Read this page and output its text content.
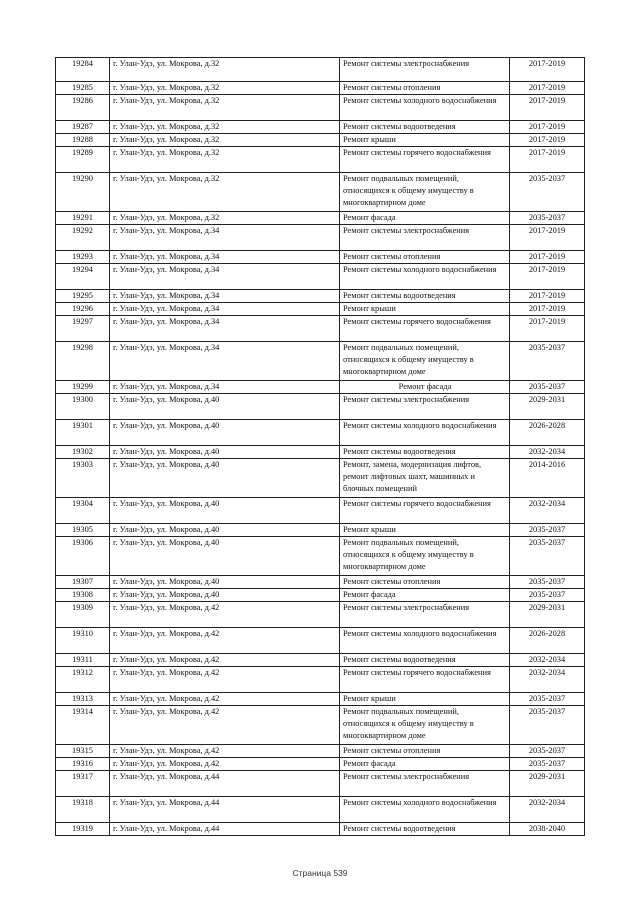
19284	г. Улан-Удэ, ул. Мокрова, д.32	Ремонт системы электроснабжения	2017-2019
19285	г. Улан-Удэ, ул. Мокрова, д.32	Ремонт системы отопления	2017-2019
19286	г. Улан-Удэ, ул. Мокрова, д.32	Ремонт системы холодного водоснабжения	2017-2019
19287	г. Улан-Удэ, ул. Мокрова, д.32	Ремонт системы водоотведения	2017-2019
19288	г. Улан-Удэ, ул. Мокрова, д.32	Ремонт крыши	2017-2019
19289	г. Улан-Удэ, ул. Мокрова, д.32	Ремонт системы горячего водоснабжения	2017-2019
19290	г. Улан-Удэ, ул. Мокрова, д.32	Ремонт подвальных помещений, относящихся к общему имуществу в многоквартирном доме	2035-2037
19291	г. Улан-Удэ, ул. Мокрова, д.32	Ремонт фасада	2035-2037
19292	г. Улан-Удэ, ул. Мокрова, д.34	Ремонт системы электроснабжения	2017-2019
19293	г. Улан-Удэ, ул. Мокрова, д.34	Ремонт системы отопления	2017-2019
19294	г. Улан-Удэ, ул. Мокрова, д.34	Ремонт системы холодного водоснабжения	2017-2019
19295	г. Улан-Удэ, ул. Мокрова, д.34	Ремонт системы водоотведения	2017-2019
19296	г. Улан-Удэ, ул. Мокрова, д.34	Ремонт крыши	2017-2019
19297	г. Улан-Удэ, ул. Мокрова, д.34	Ремонт системы горячего водоснабжения	2017-2019
19298	г. Улан-Удэ, ул. Мокрова, д.34	Ремонт подвальных помещений, относящихся к общему имуществу в многоквартирном доме	2035-2037
19299	г. Улан-Удэ, ул. Мокрова, д.34	Ремонт фасада	2035-2037
19300	г. Улан-Удэ, ул. Мокрова, д.40	Ремонт системы электроснабжения	2029-2031
19301	г. Улан-Удэ, ул. Мокрова, д.40	Ремонт системы холодного водоснабжения	2026-2028
19302	г. Улан-Удэ, ул. Мокрова, д.40	Ремонт системы водоотведения	2032-2034
19303	г. Улан-Удэ, ул. Мокрова, д.40	Ремонт, замена, модернизация лифтов, ремонт лифтовых шахт, машинных и блочных помещений	2014-2016
19304	г. Улан-Удэ, ул. Мокрова, д.40	Ремонт системы горячего водоснабжения	2032-2034
19305	г. Улан-Удэ, ул. Мокрова, д.40	Ремонт крыши	2035-2037
19306	г. Улан-Удэ, ул. Мокрова, д.40	Ремонт подвальных помещений, относящихся к общему имуществу в многоквартирном доме	2035-2037
19307	г. Улан-Удэ, ул. Мокрова, д.40	Ремонт системы отопления	2035-2037
19308	г. Улан-Удэ, ул. Мокрова, д.40	Ремонт фасада	2035-2037
19309	г. Улан-Удэ, ул. Мокрова, д.42	Ремонт системы электроснабжения	2029-2031
19310	г. Улан-Удэ, ул. Мокрова, д.42	Ремонт системы холодного водоснабжения	2026-2028
19311	г. Улан-Удэ, ул. Мокрова, д.42	Ремонт системы водоотведения	2032-2034
19312	г. Улан-Удэ, ул. Мокрова, д.42	Ремонт системы горячего водоснабжения	2032-2034
19313	г. Улан-Удэ, ул. Мокрова, д.42	Ремонт крыши	2035-2037
19314	г. Улан-Удэ, ул. Мокрова, д.42	Ремонт подвальных помещений, относящихся к общему имуществу в многоквартирном доме	2035-2037
19315	г. Улан-Удэ, ул. Мокрова, д.42	Ремонт системы отопления	2035-2037
19316	г. Улан-Удэ, ул. Мокрова, д.42	Ремонт фасада	2035-2037
19317	г. Улан-Удэ, ул. Мокрова, д.44	Ремонт системы электроснабжения	2029-2031
19318	г. Улан-Удэ, ул. Мокрова, д.44	Ремонт системы холодного водоснабжения	2032-2034
19319	г. Улан-Удэ, ул. Мокрова, д.44	Ремонт системы водоотведения	2038-2040
Страница 539
